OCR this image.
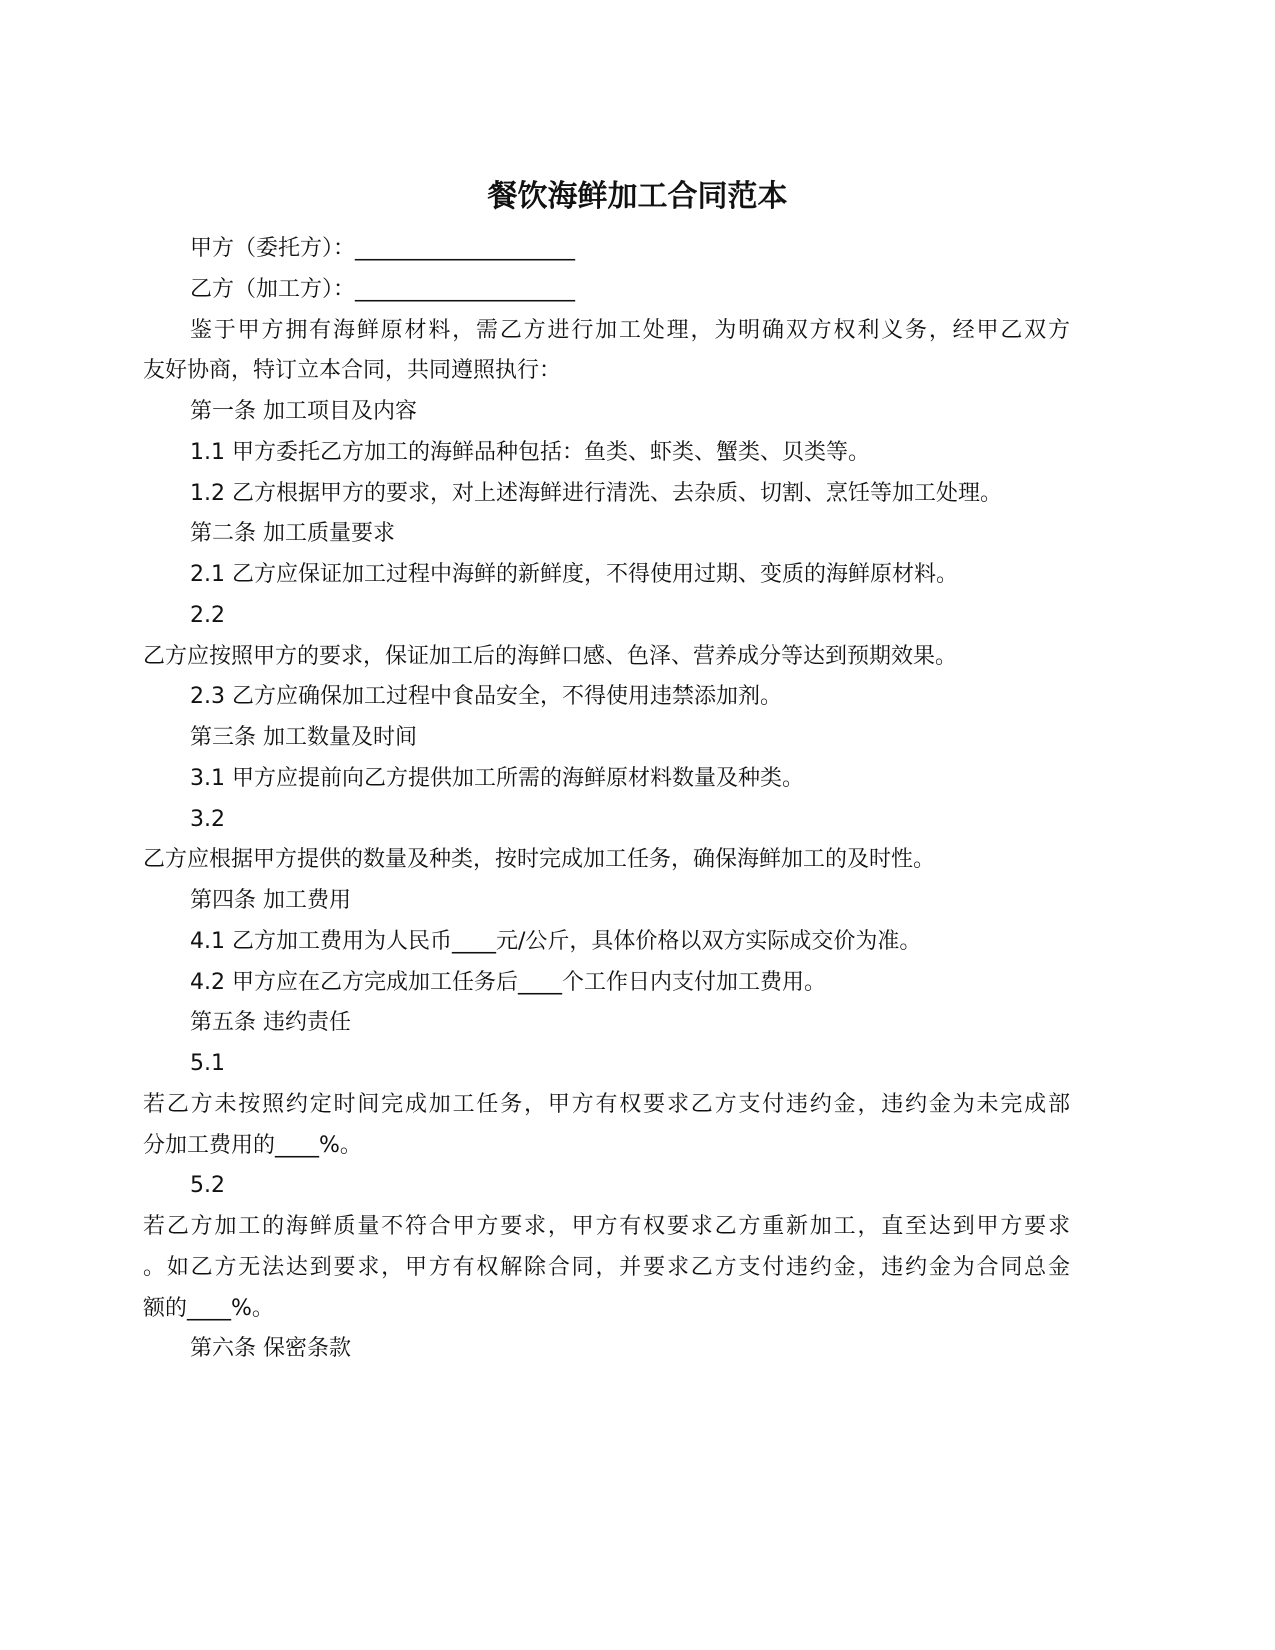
餐饮海鲜加工合同范本
甲方（委托方）：____________________
乙方（加工方）：____________________
鉴于甲方拥有海鲜原材料，需乙方进行加工处理，为明确双方权利义务，经甲乙双方
友好协商，特订立本合同，共同遵照执行：
第一条 加工项目及内容
1.1 甲方委托乙方加工的海鲜品种包括：鱼类、虾类、蟹类、贝类等。
1.2 乙方根据甲方的要求，对上述海鲜进行清洗、去杂质、切割、烹饪等加工处理。
第二条 加工质量要求
2.1 乙方应保证加工过程中海鲜的新鲜度，不得使用过期、变质的海鲜原材料。
2.2
乙方应按照甲方的要求，保证加工后的海鲜口感、色泽、营养成分等达到预期效果。
2.3 乙方应确保加工过程中食品安全，不得使用违禁添加剂。
第三条 加工数量及时间
3.1 甲方应提前向乙方提供加工所需的海鲜原材料数量及种类。
3.2
乙方应根据甲方提供的数量及种类，按时完成加工任务，确保海鲜加工的及时性。
第四条 加工费用
4.1 乙方加工费用为人民币____元/公斤，具体价格以双方实际成交价为准。
4.2 甲方应在乙方完成加工任务后____个工作日内支付加工费用。
第五条 违约责任
5.1
若乙方未按照约定时间完成加工任务，甲方有权要求乙方支付违约金，违约金为未完成部
分加工费用的____%。
5.2
若乙方加工的海鲜质量不符合甲方要求，甲方有权要求乙方重新加工，直至达到甲方要求
。如乙方无法达到要求，甲方有权解除合同，并要求乙方支付违约金，违约金为合同总金
额的____%。
第六条 保密条款
